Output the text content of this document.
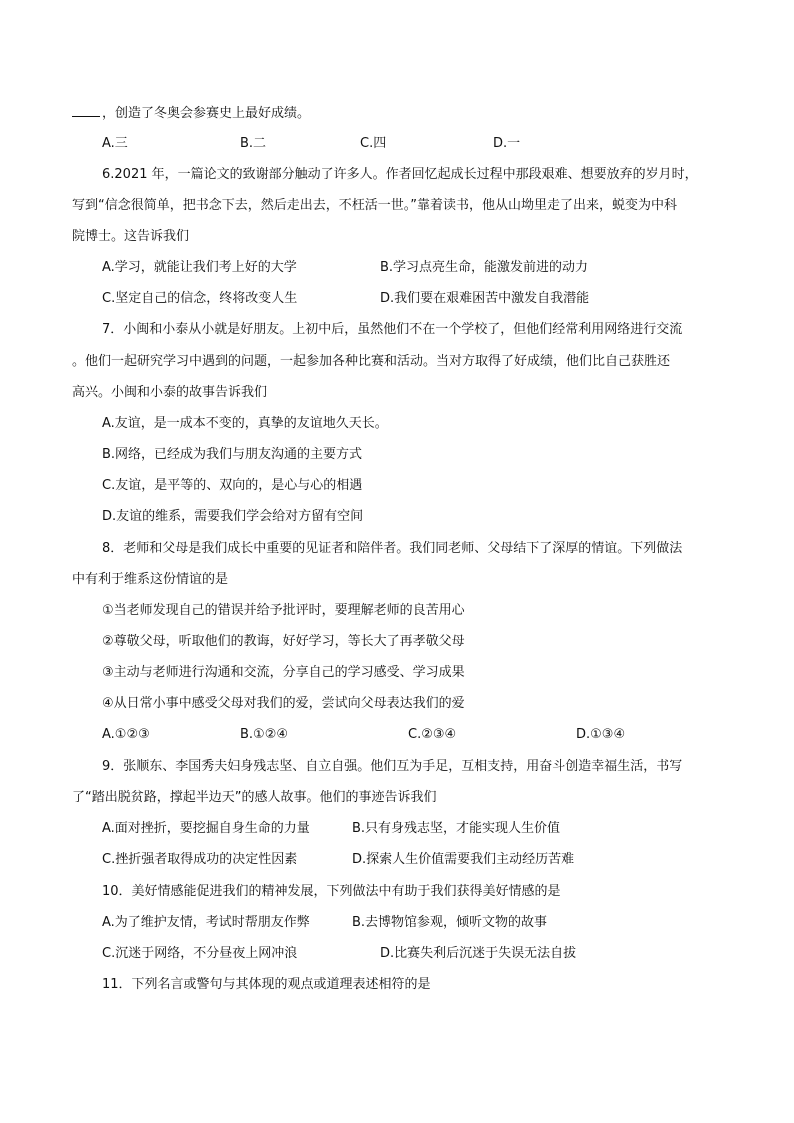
，创造了冬奥会参赛史上最好成绩。
A.三	B.二	C.四	D.一
6.2021 年，一篇论文的致谢部分触动了许多人。作者回忆起成长过程中那段艰难、想要放弃的岁月时，
写到“信念很简单，把书念下去，然后走出去，不枉活一世。”靠着读书，他从山坳里走了出来，蜕变为中科
院博士。这告诉我们
A.学习，就能让我们考上好的大学	B.学习点亮生命，能激发前进的动力
C.坚定自己的信念，终将改变人生	D.我们要在艰难困苦中激发自我潜能
7．小闽和小泰从小就是好朋友。上初中后，虽然他们不在一个学校了，但他们经常利用网络进行交流
。他们一起研究学习中遇到的问题，一起参加各种比赛和活动。当对方取得了好成绩，他们比自己获胜还
高兴。小闽和小泰的故事告诉我们
A.友谊，是一成本不变的，真挚的友谊地久天长。
B.网络，已经成为我们与朋友沟通的主要方式
C.友谊，是平等的、双向的，是心与心的相遇
D.友谊的维系，需要我们学会给对方留有空间
8．老师和父母是我们成长中重要的见证者和陪伴者。我们同老师、父母结下了深厚的情谊。下列做法
中有利于维系这份情谊的是
①当老师发现自己的错误并给予批评时，要理解老师的良苦用心
②尊敬父母，听取他们的教诲，好好学习，等长大了再孝敬父母
③主动与老师进行沟通和交流，分享自己的学习感受、学习成果
④从日常小事中感受父母对我们的爱，尝试向父母表达我们的爱
A.①②③	B.①②④	C.②③④	D.①③④
9．张顺东、李国秀夫妇身残志坚、自立自强。他们互为手足，互相支持，用奋斗创造幸福生活，书写
了“踏出脱贫路，撑起半边天”的感人故事。他们的事迹告诉我们
A.面对挫折，要挖掘自身生命的力量	B.只有身残志坚，才能实现人生价值
C.挫折强者取得成功的决定性因素	D.探索人生价值需要我们主动经历苦难
10．美好情感能促进我们的精神发展，下列做法中有助于我们获得美好情感的是
A.为了维护友情，考试时帮朋友作弊	B.去博物馆参观，倾听文物的故事
C.沉迷于网络，不分昼夜上网冲浪	D.比赛失利后沉迷于失误无法自拔
11．下列名言或警句与其体现的观点或道理表述相符的是
